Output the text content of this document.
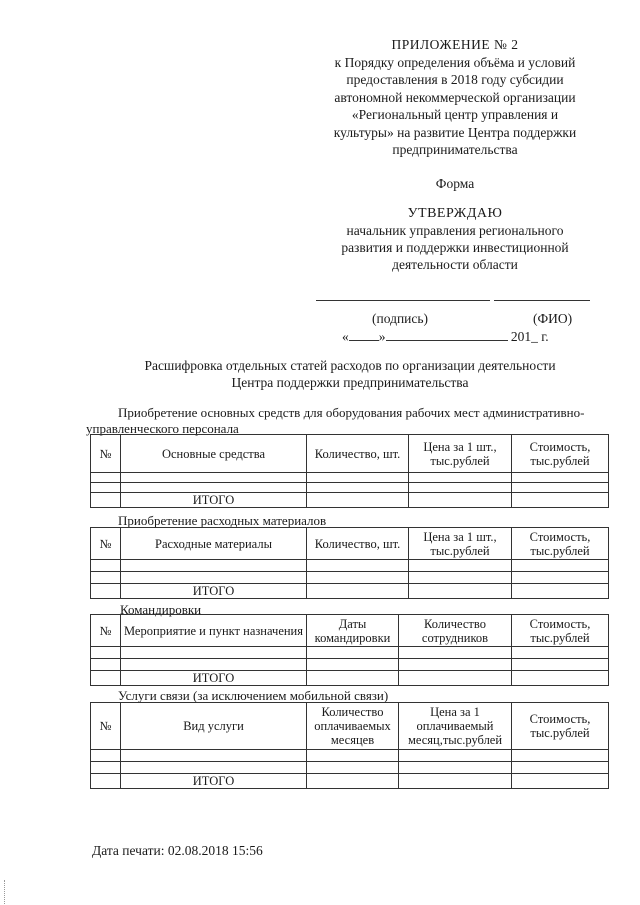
ПРИЛОЖЕНИЕ № 2
к Порядку определения объёма и условий
предоставления в 2018 году субсидии
автономной некоммерческой организации
«Региональный центр управления и
культуры» на развитие Центра поддержки
предпринимательства
Форма
УТВЕРЖДАЮ
начальник управления регионального
развития и поддержки инвестиционной
деятельности области
(подпись)	(ФИО)
« »	201_ г.
Расшифровка отдельных статей расходов по организации деятельности
Центра поддержки предпринимательства
Приобретение основных средств для оборудования рабочих мест административно-
управленческого персонала
№	Основные средства	Количество, шт.	Цена за 1 шт., тыс.рублей	Стоимость, тыс.рублей

	ИТОГО			
Приобретение расходных материалов
№	Расходные материалы	Количество, шт.	Цена за 1 шт., тыс.рублей	Стоимость, тыс.рублей

	ИТОГО			
Командировки
№	Мероприятие и пункт назначения	Даты командировки	Количество сотрудников	Стоимость, тыс.рублей

	ИТОГО			
Услуги связи (за исключением мобильной связи)
№	Вид услуги	Количество оплачиваемых месяцев	Цена за 1 оплачиваемый месяц,тыс.рублей	Стоимость, тыс.рублей

	ИТОГО			
Дата печати: 02.08.2018 15:56
